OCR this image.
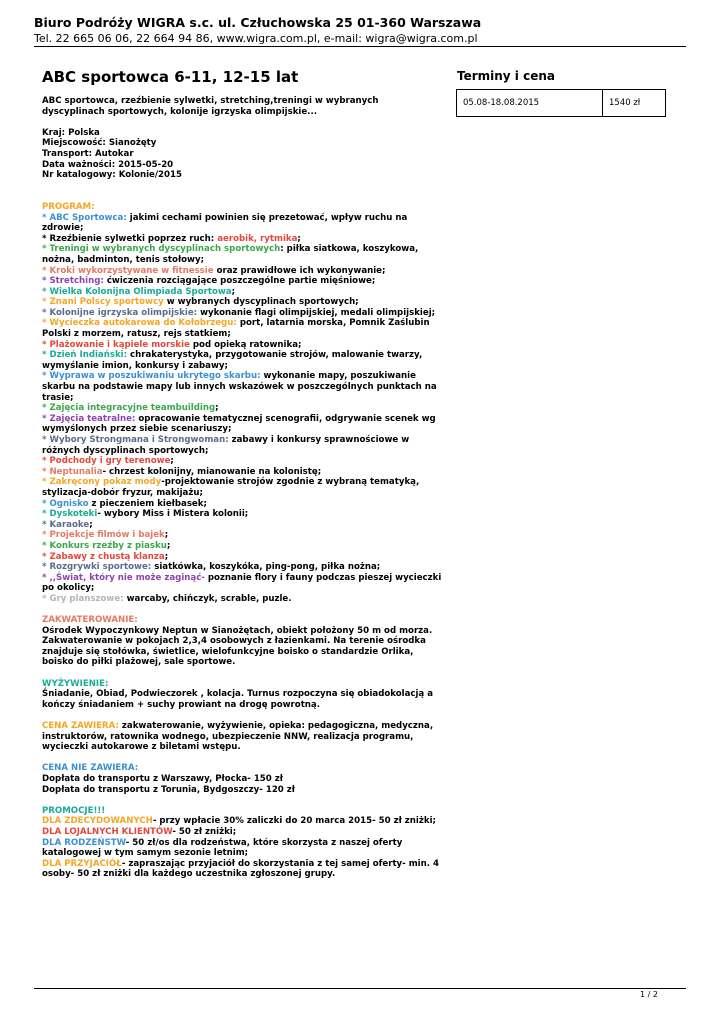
Biuro Podróży WIGRA s.c. ul. Człuchowska 25 01-360 Warszawa
Tel. 22 665 06 06, 22 664 94 86, www.wigra.com.pl, e-mail: wigra@wigra.com.pl
ABC sportowca 6-11, 12-15 lat	Terminy i cena
05.08-18.08.2015	1540 zł

ABC sportowca, rzeźbienie sylwetki, stretching,treningi w wybranych dyscyplinach sportowych, kolonije igrzyska olimpijskie...

Kraj: Polska

Miejscowość: Sianożęty

Transport: Autokar

Data ważności: 2015-05-20

Nr katalogowy: Kolonie/2015

PROGRAM:

* ABC Sportowca: jakimi cechami powinien się prezetować, wpływ ruchu na zdrowie;

* Rzeźbienie sylwetki poprzez ruch: aerobik, rytmika;

* Treningi w wybranych dyscyplinach sportowych: piłka siatkowa, koszykowa, nożna, badminton, tenis stołowy;

* Kroki wykorzystywane w fitnessie oraz prawidłowe ich wykonywanie;

* Stretching: ćwiczenia rozciągające poszczególne partie mięśniowe;

* Wielka Kolonijna Olimpiada Sportowa;

* Znani Polscy sportowcy w wybranych dyscyplinach sportowych;

* Kolonijne igrzyska olimpijskie: wykonanie flagi olimpijskiej, medali olimpijskiej;

* Wycieczka autokarowa do Kołobrzegu: port, latarnia morska, Pomnik Zaślubin Polski z morzem, ratusz, rejs statkiem;

* Plażowanie i kąpiele morskie pod opieką ratownika;

* Dzień Indiański: chrakaterystyka, przygotowanie strojów, malowanie twarzy, wymyślanie imion, konkursy i zabawy;

* Wyprawa w poszukiwaniu ukrytego skarbu: wykonanie mapy, poszukiwanie skarbu na podstawie mapy lub innych wskazówek w poszczególnych punktach na trasie;

* Zajęcia integracyjne teambuilding;

* Zajęcia teatralne: opracowanie tematycznej scenografii, odgrywanie scenek wg wymyślonych przez siebie scenariuszy;

* Wybory Strongmana i Strongwoman: zabawy i konkursy sprawnościowe w różnych dyscyplinach sportowych;

* Podchody i gry terenowe;

* Neptunalia- chrzest kolonijny, mianowanie na kolonistę;

* Zakręcony pokaz mody-projektowanie strojów zgodnie z wybraną tematyką, stylizacja-dobór fryzur, makijażu;

* Ognisko z pieczeniem kiełbasek;

* Dyskoteki- wybory Miss i Mistera kolonii;

* Karaoke;

* Projekcje filmów i bajek;

* Konkurs rzeźby z piasku;

* Zabawy z chustą klanza;

* Rozgrywki sportowe: siatkówka, koszykóka, ping-pong, piłka nożna;

* ,,Świat, który nie może zaginąć- poznanie flory i fauny podczas pieszej wycieczki po okolicy;

* Gry planszowe: warcaby, chińczyk, scrable, puzle.

ZAKWATEROWANIE:

Ośrodek Wypoczynkowy Neptun w Sianożętach, obiekt położony 50 m od morza. Zakwaterowanie w pokojach 2,3,4 osobowych z łazienkami. Na terenie ośrodka znajduje się stołówka, świetlice, wielofunkcyjne boisko o standardzie Orlika, boisko do piłki plażowej, sale sportowe.

WYŻYWIENIE:

Śniadanie, Obiad, Podwieczorek , kolacja. Turnus rozpoczyna się obiadokolacją a kończy śniadaniem + suchy prowiant na drogę powrotną.

CENA ZAWIERA: zakwaterowanie, wyżywienie, opieka: pedagogiczna, medyczna, instruktorów, ratownika wodnego, ubezpieczenie NNW, realizacja programu, wycieczki autokarowe z biletami wstępu.

CENA NIE ZAWIERA:

Dopłata do transportu z Warszawy, Płocka- 150 zł

Dopłata do transportu z Torunia, Bydgoszczy- 120 zł

PROMOCJE!!!

DLA ZDECYDOWANYCH- przy wpłacie 30% zaliczki do 20 marca 2015- 50 zł zniżki;

DLA LOJALNYCH KLIENTÓW- 50 zł zniżki;

DLA RODZEŃSTW- 50 zł/os dla rodzeństwa, które skorzysta z naszej oferty katalogowej w tym samym sezonie letnim;

DLA PRZYJACIÓŁ- zapraszając przyjaciół do skorzystania z tej samej oferty- min. 4 osoby- 50 zł zniżki dla każdego uczestnika zgłoszonej grupy.

1 / 2
